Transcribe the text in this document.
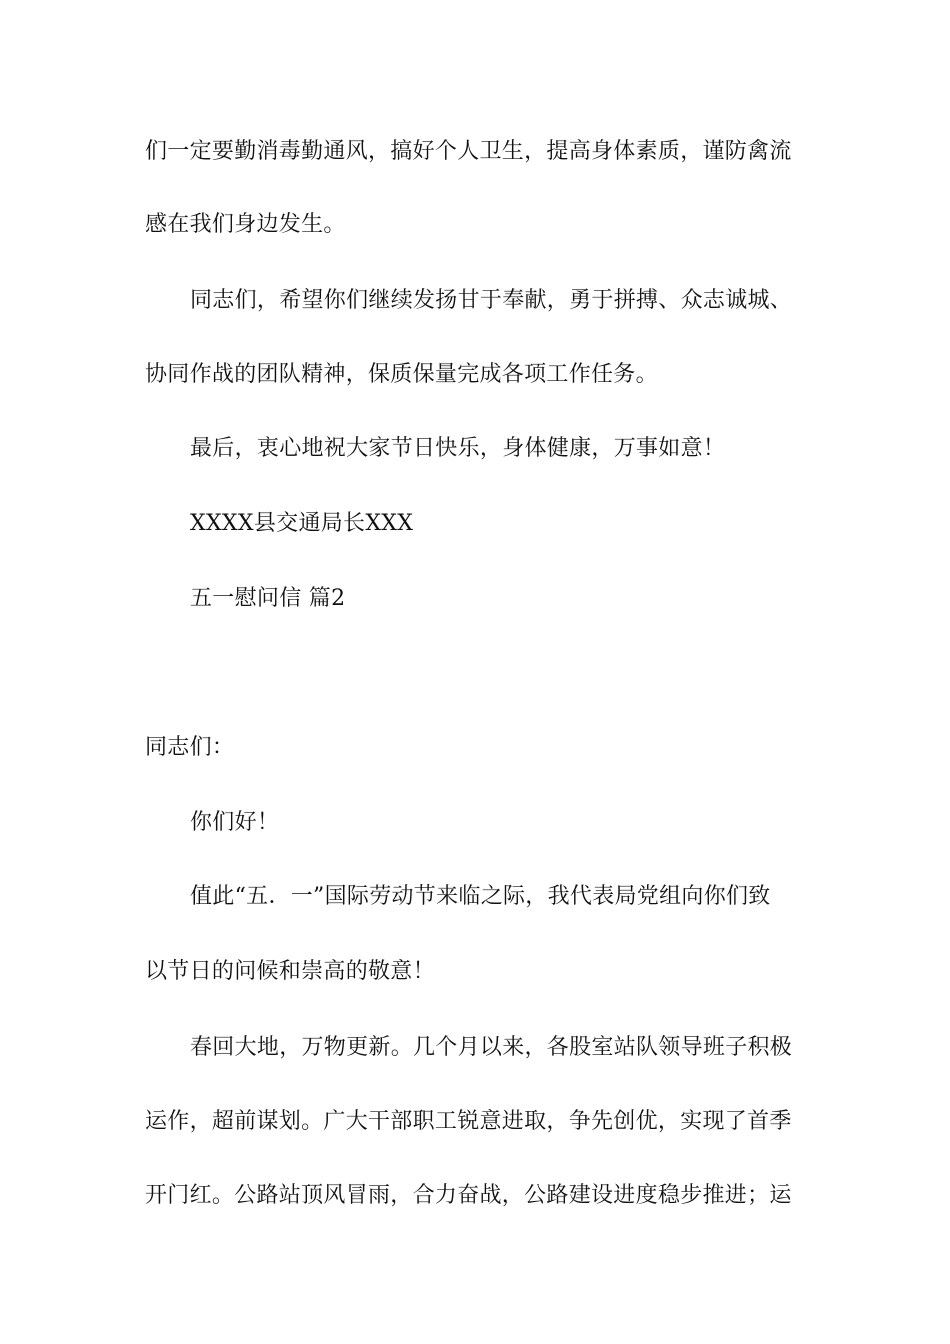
们一定要勤消毒勤通风，搞好个人卫生，提高身体素质，谨防禽流
感在我们身边发生。
同志们，希望你们继续发扬甘于奉献，勇于拼搏、众志诚城、
协同作战的团队精神，保质保量完成各项工作任务。
最后，衷心地祝大家节日快乐，身体健康，万事如意！
XXXX县交通局长XXX
五一慰问信 篇2
同志们：
你们好！
值此“五．一”国际劳动节来临之际，我代表局党组向你们致
以节日的问候和崇高的敬意！
春回大地，万物更新。几个月以来，各股室站队领导班子积极
运作，超前谋划。广大干部职工锐意进取，争先创优，实现了首季
开门红。公路站顶风冒雨，合力奋战，公路建设进度稳步推进；运
